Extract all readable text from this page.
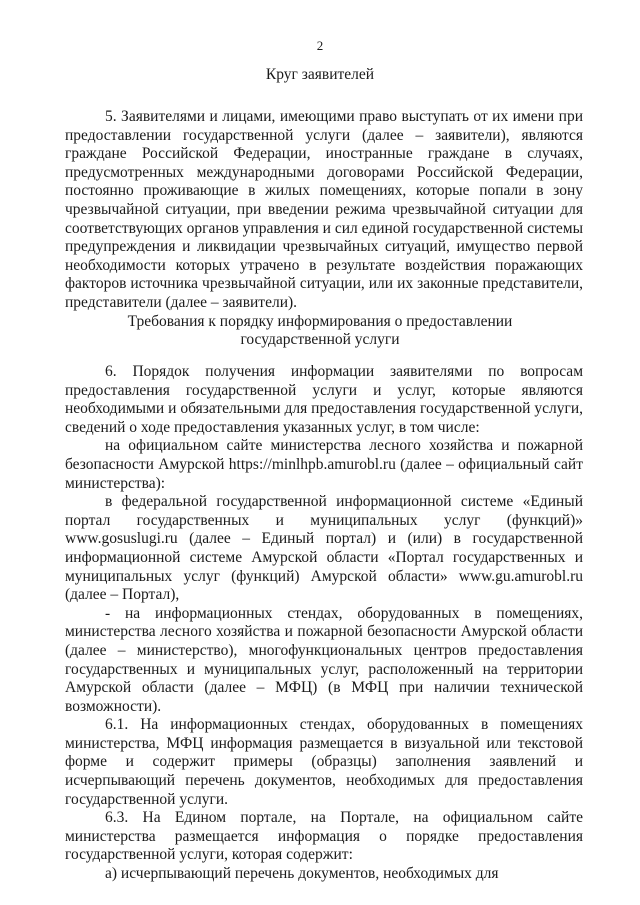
2
Круг заявителей

5. Заявителями и лицами, имеющими право выступать от их имени при предоставлении государственной услуги (далее – заявители), являются граждане Российской Федерации, иностранные граждане в случаях, предусмотренных международными договорами Российской Федерации, постоянно проживающие в жилых помещениях, которые попали в зону чрезвычайной ситуации, при введении режима чрезвычайной ситуации для соответствующих органов управления и сил единой государственной системы предупреждения и ликвидации чрезвычайных ситуаций, имущество первой необходимости которых утрачено в результате воздействия поражающих факторов источника чрезвычайной ситуации, или их законные представители, представители (далее – заявители).

Требования к порядку информирования о предоставлении
государственной услуги

6. Порядок получения информации заявителями по вопросам предоставления государственной услуги и услуг, которые являются необходимыми и обязательными для предоставления государственной услуги, сведений о ходе предоставления указанных услуг, в том числе:

на официальном сайте министерства лесного хозяйства и пожарной безопасности Амурской https://minlhpb.amurobl.ru (далее – официальный сайт министерства):

в федеральной государственной информационной системе «Единый портал государственных и муниципальных услуг (функций)» www.gosuslugi.ru (далее – Единый портал) и (или) в государственной информационной системе Амурской области «Портал государственных и муниципальных услуг (функций) Амурской области» www.gu.amurobl.ru (далее – Портал),

- на информационных стендах, оборудованных в помещениях, министерства лесного хозяйства и пожарной безопасности Амурской области (далее – министерство), многофункциональных центров предоставления государственных и муниципальных услуг, расположенный на территории Амурской области (далее – МФЦ) (в МФЦ при наличии технической возможности).

6.1. На информационных стендах, оборудованных в помещениях министерства, МФЦ информация размещается в визуальной или текстовой форме и содержит примеры (образцы) заполнения заявлений и исчерпывающий перечень документов, необходимых для предоставления государственной услуги.

6.3. На Едином портале, на Портале, на официальном сайте министерства размещается информация о порядке предоставления государственной услуги, которая содержит:

а) исчерпывающий перечень документов, необходимых для
